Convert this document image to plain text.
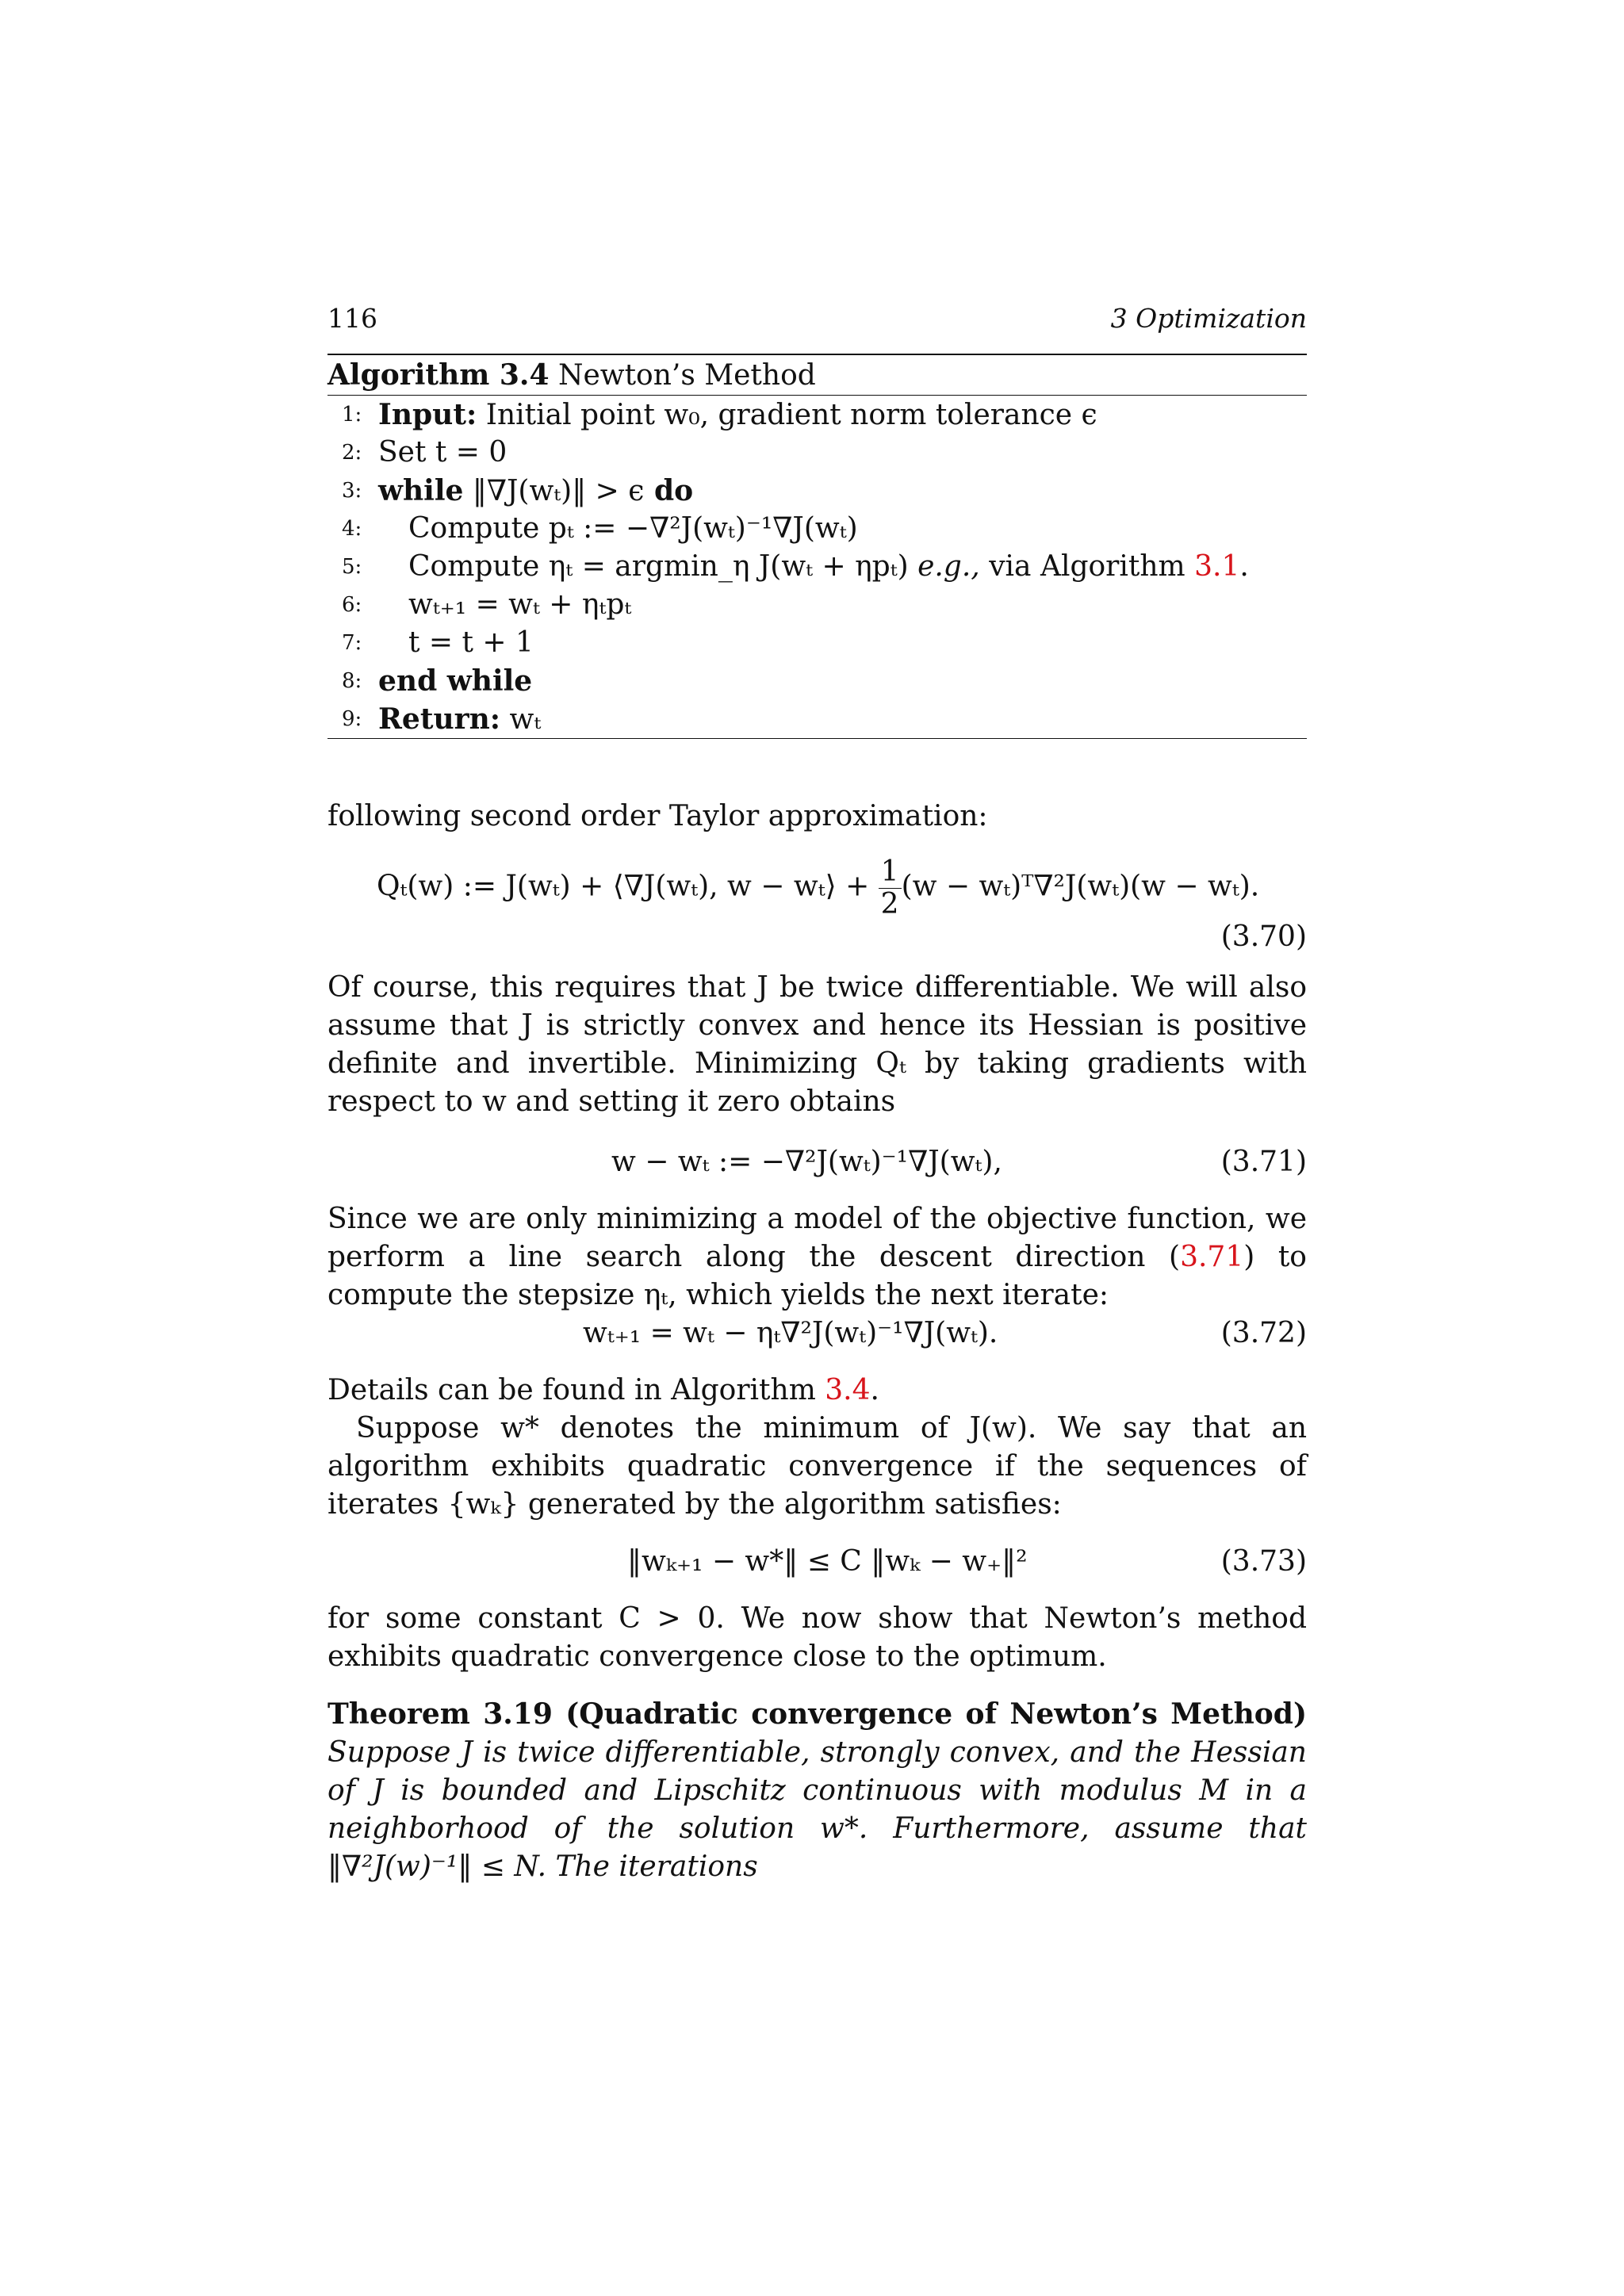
116	3 Optimization
Algorithm 3.4 Newton’s Method
1: Input: Initial point w₀, gradient norm tolerance ϵ
2: Set t = 0
3: while ‖∇J(wₜ)‖ > ϵ do
4: Compute pₜ := −∇²J(wₜ)⁻¹∇J(wₜ)
5: Compute ηₜ = argmin_η J(wₜ + ηpₜ) e.g., via Algorithm 3.1.
6: wₜ₊₁ = wₜ + ηₜpₜ
7: t = t + 1
8: end while
9: Return: wₜ

following second order Taylor approximation:

Qₜ(w) := J(wₜ) + ⟨∇J(wₜ), w − wₜ⟩ + $\frac{1}{2} (w$ − wₜ)ᵀ∇²J(wₜ)(w − wₜ).
(3.70)

Of course, this requires that J be twice differentiable. We will also assume that J is strictly convex and hence its Hessian is positive definite and invertible. Minimizing Qₜ by taking gradients with respect to w and setting it zero obtains

w − wₜ := −∇²J(wₜ)⁻¹∇J(wₜ),	(3.71)

Since we are only minimizing a model of the objective function, we perform a line search along the descent direction (3.71) to compute the stepsize ηₜ, which yields the next iterate:

wₜ₊₁ = wₜ − ηₜ∇²J(wₜ)⁻¹∇J(wₜ).	(3.72)

Details can be found in Algorithm 3.4.

Suppose w* denotes the minimum of J(w). We say that an algorithm exhibits quadratic convergence if the sequences of iterates {wₖ} generated by the algorithm satisfies:

‖wₖ₊₁ − w*‖ ≤ C ‖wₖ − w₊‖²	(3.73)

for some constant C > 0. We now show that Newton’s method exhibits quadratic convergence close to the optimum.

Theorem 3.19 (Quadratic convergence of Newton’s Method) Suppose J is twice differentiable, strongly convex, and the Hessian of J is bounded and Lipschitz continuous with modulus M in a neighborhood of the solution w*. Furthermore, assume that ‖∇²J(w)⁻¹‖ ≤ N. The iterations
